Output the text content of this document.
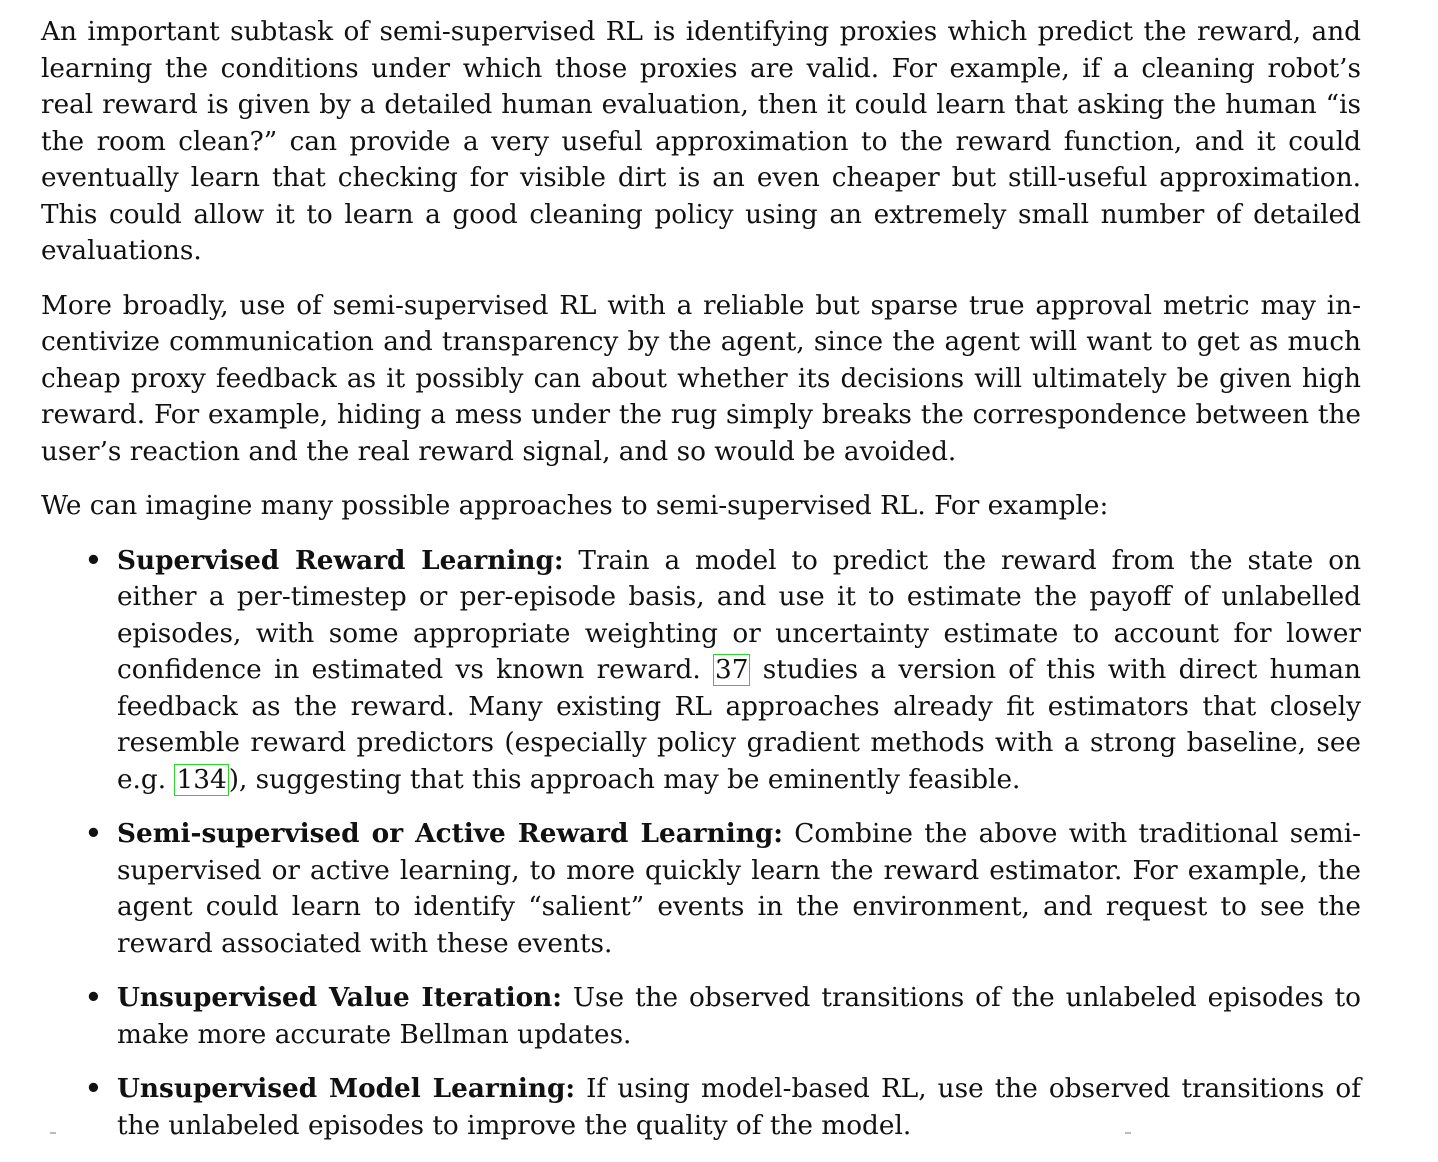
An important subtask of semi-supervised RL is identifying proxies which predict the reward, and learning the conditions under which those proxies are valid. For example, if a cleaning robot’s real reward is given by a detailed human evaluation, then it could learn that asking the human “is the room clean?” can provide a very useful approximation to the reward function, and it could eventually learn that checking for visible dirt is an even cheaper but still-useful approximation. This could allow it to learn a good cleaning policy using an extremely small number of detailed evaluations.

More broadly, use of semi-supervised RL with a reliable but sparse true approval metric may incentivize communication and transparency by the agent, since the agent will want to get as much cheap proxy feedback as it possibly can about whether its decisions will ultimately be given high reward. For example, hiding a mess under the rug simply breaks the correspondence between the user’s reaction and the real reward signal, and so would be avoided.

We can imagine many possible approaches to semi-supervised RL. For example:

• Supervised Reward Learning: Train a model to predict the reward from the state on either a per-timestep or per-episode basis, and use it to estimate the payoff of unlabelled episodes, with some appropriate weighting or uncertainty estimate to account for lower confidence in estimated vs known reward. 37 studies a version of this with direct human feedback as the reward. Many existing RL approaches already fit estimators that closely resemble reward predictors (especially policy gradient methods with a strong baseline, see e.g. 134), suggesting that this approach may be eminently feasible.
• Semi-supervised or Active Reward Learning: Combine the above with traditional semi-supervised or active learning, to more quickly learn the reward estimator. For example, the agent could learn to identify “salient” events in the environment, and request to see the reward associated with these events.
• Unsupervised Value Iteration: Use the observed transitions of the unlabeled episodes to make more accurate Bellman updates.
• Unsupervised Model Learning: If using model-based RL, use the observed transitions of the unlabeled episodes to improve the quality of the model.
